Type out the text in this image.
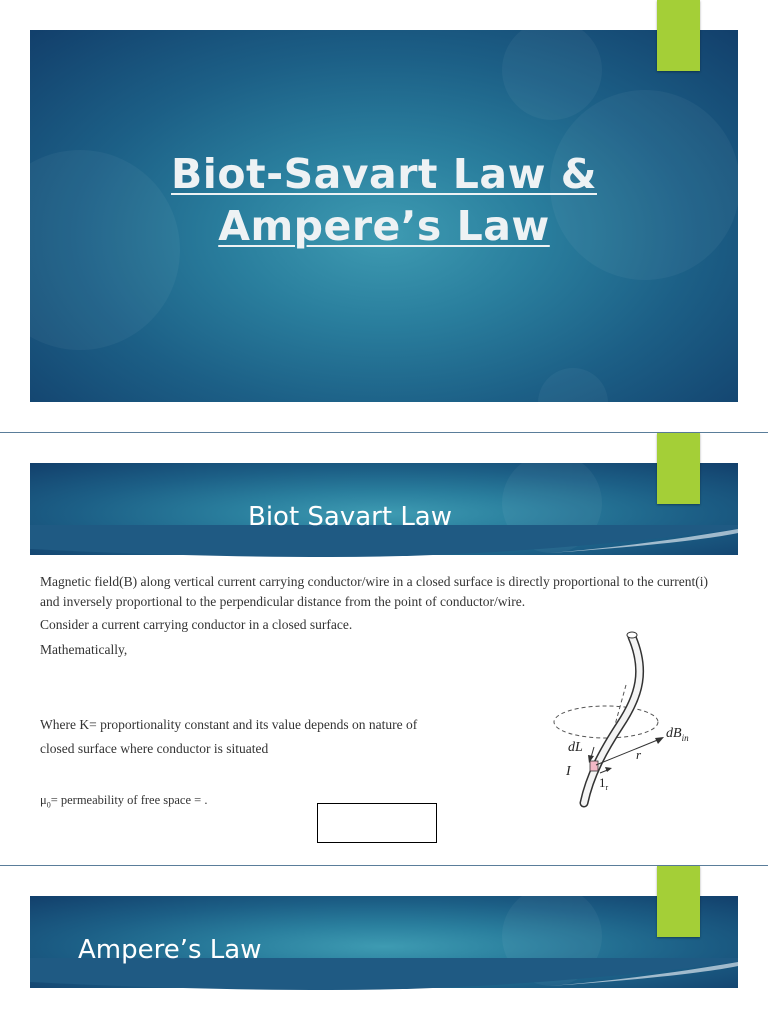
Biot-Savart Law &
Ampere’s Law
Biot Savart Law
Magnetic field(B) along vertical current carrying conductor/wire in a closed surface is directly proportional to the current(i) and inversely proportional to the perpendicular distance from the point of conductor/wire.
Consider a current carrying conductor in a closed surface.
Mathematically,
Where K= proportionality constant and its value depends on nature of
closed surface where conductor is situated
$\mu_0=$ permeability of free space = .
dL
I
r
$dB_{in}$
$1_r$
Ampere’s Law
